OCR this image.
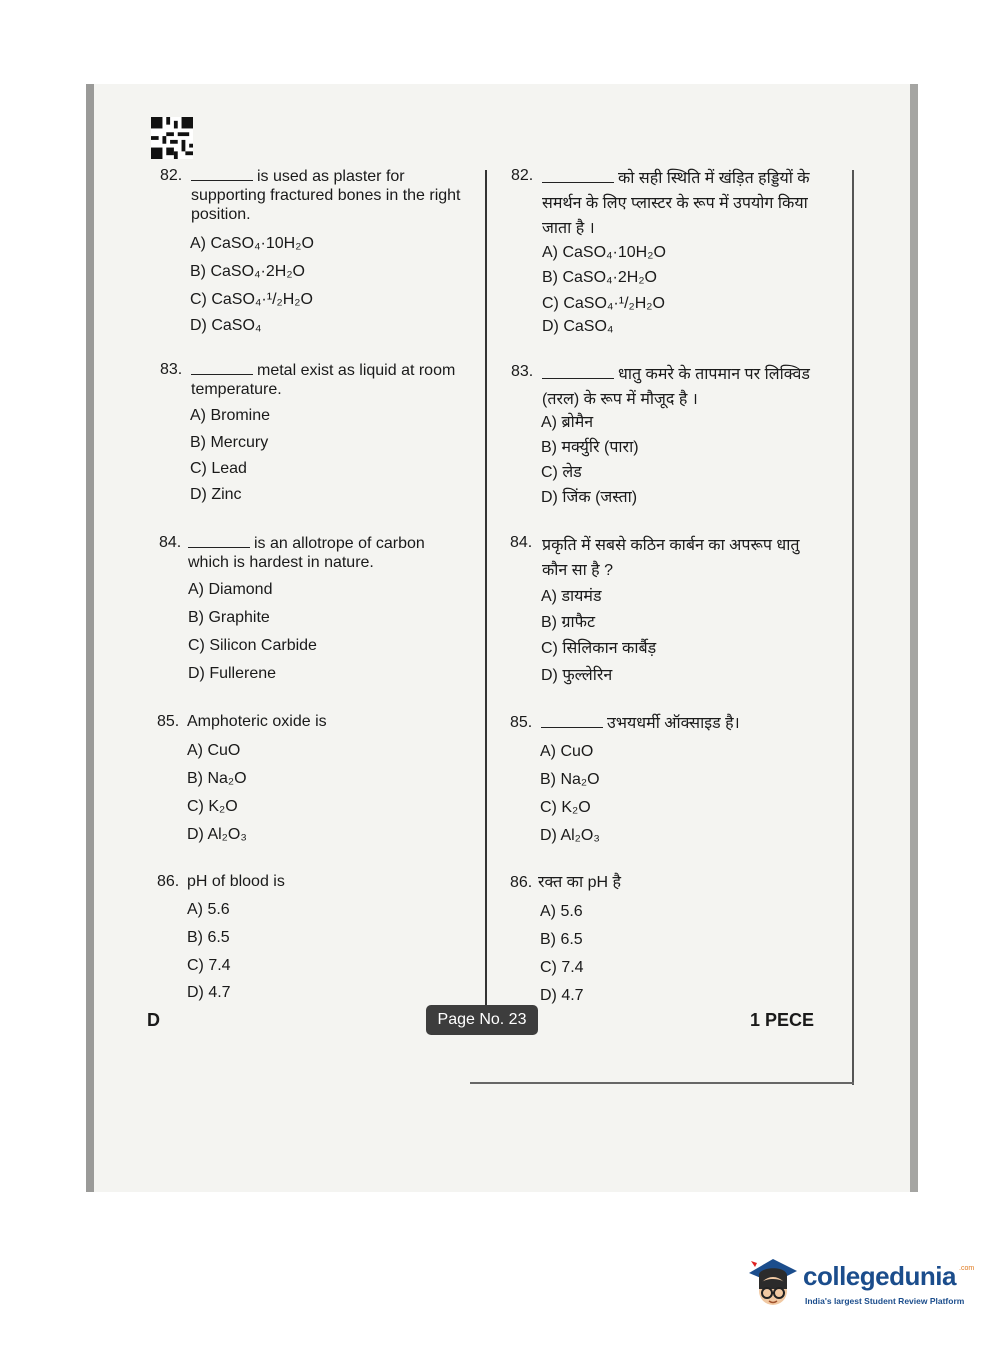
82.	is used as plaster for supporting fractured bones in the right position.
A) CaSO₄·10H₂O
B) CaSO₄·2H₂O
C) CaSO₄·¹/₂H₂O
D) CaSO₄
83.	metal exist as liquid at room temperature.
A) Bromine
B) Mercury
C) Lead
D) Zinc
84.	is an allotrope of carbon which is hardest in nature.
A) Diamond
B) Graphite
C) Silicon Carbide
D) Fullerene
85. Amphoteric oxide is
A) CuO
B) Na₂O
C) K₂O
D) Al₂O₃
86. pH of blood is
A) 5.6
B) 6.5
C) 7.4
D) 4.7
82.	को सही स्थिति में खंड़ित हड्डियों के समर्थन के लिए प्लास्टर के रूप में उपयोग किया जाता है ।
A) CaSO₄·10H₂O
B) CaSO₄·2H₂O
C) CaSO₄·¹/₂H₂O
D) CaSO₄
83.	धातु कमरे के तापमान पर लिक्विड (तरल) के रूप में मौजूद है ।
A) ब्रोमैन
B) मर्क्युरि (पारा)
C) लेड
D) जिंक (जस्ता)
84. प्रकृति में सबसे कठिन कार्बन का अपरूप धातु कौन सा है ?
A) डायमंड
B) ग्राफैट
C) सिलिकान कार्बैड़
D) फुल्लेरिन
85.	उभयधर्मी ऑक्साइड है।
A) CuO
B) Na₂O
C) K₂O
D) Al₂O₃
86. रक्त का pH है
A) 5.6
B) 6.5
C) 7.4
D) 4.7
D	Page No. 23	1 PECE
collegedunia .com
India's largest Student Review Platform
